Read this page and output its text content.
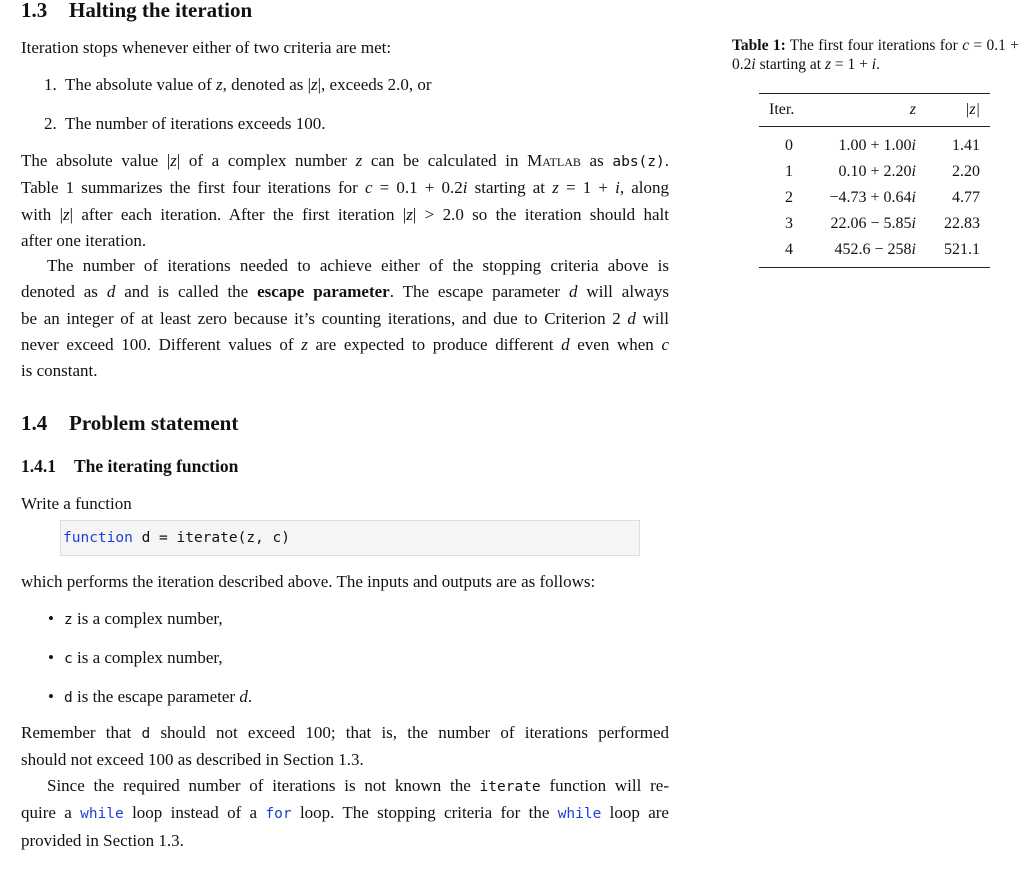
1.3 Halting the iteration
Iteration stops whenever either of two criteria are met:
1. The absolute value of z, denoted as |z|, exceeds 2.0, or
2. The number of iterations exceeds 100.
The absolute value |z| of a complex number z can be calculated in Matlab as abs(z).
Table 1 summarizes the first four iterations for c = 0.1 + 0.2i starting at z = 1 + i, along
with |z| after each iteration. After the first iteration |z| > 2.0 so the iteration should halt
after one iteration.
The number of iterations needed to achieve either of the stopping criteria above is
denoted as d and is called the escape parameter. The escape parameter d will always
be an integer of at least zero because it’s counting iterations, and due to Criterion 2 d will
never exceed 100. Different values of z are expected to produce different d even when c
is constant.
1.4 Problem statement
1.4.1 The iterating function
Write a function
function d = iterate(z, c)
which performs the iteration described above. The inputs and outputs are as follows:
• z is a complex number,
• c is a complex number,
• d is the escape parameter d.
Remember that d should not exceed 100; that is, the number of iterations performed
should not exceed 100 as described in Section 1.3.
Since the required number of iterations is not known the iterate function will re-
quire a while loop instead of a for loop. The stopping criteria for the while loop are
provided in Section 1.3.
Table 1: The first four iterations for c = 0.1 + 0.2i starting at z = 1 + i.
Iter.	z	|z|
0	1.00 + 1.00i	1.41
1	0.10 + 2.20i	2.20
2	−4.73 + 0.64i	4.77
3	22.06 − 5.85i	22.83
4	452.6 − 258i	521.1
